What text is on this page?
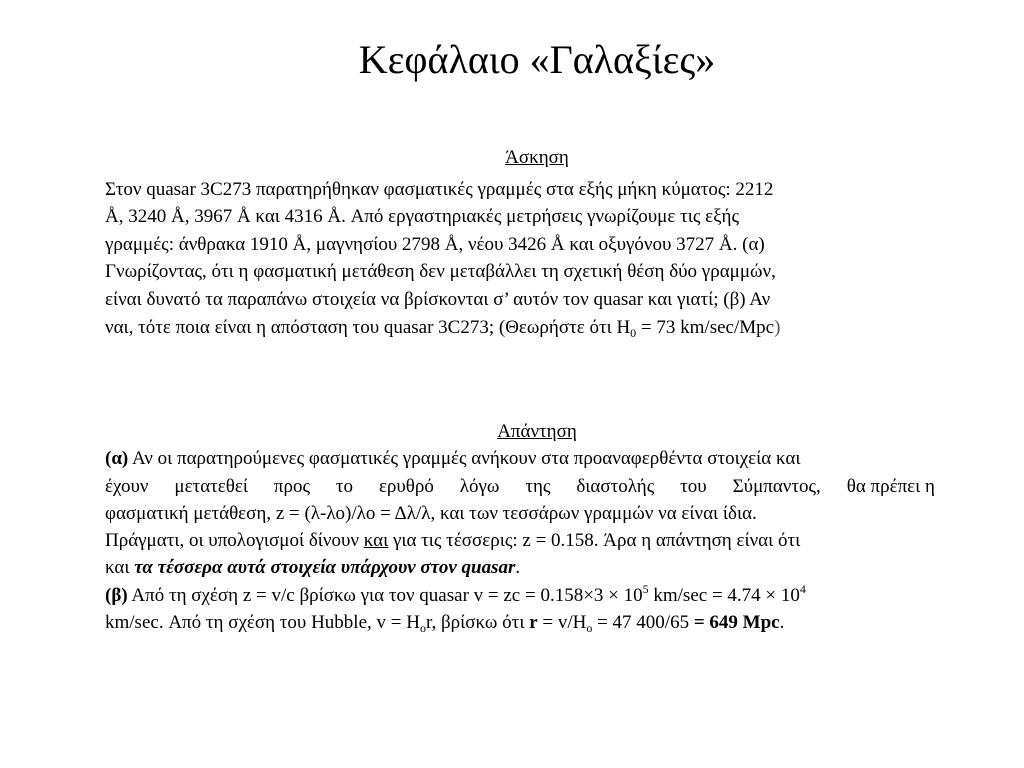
Κεφάλαιο «Γαλαξίες»
Άσκηση
Στον quasar 3C273 παρατηρήθηκαν φασματικές γραμμές στα εξής μήκη κύματος: 2212
Å, 3240 Å, 3967 Å και 4316 Å. Από εργαστηριακές μετρήσεις γνωρίζουμε τις εξής
γραμμές: άνθρακα 1910 Å, μαγνησίου 2798 Å, νέου 3426 Å και οξυγόνου 3727 Å. (α)
Γνωρίζοντας, ότι η φασματική μετάθεση δεν μεταβάλλει τη σχετική θέση δύο γραμμών,
είναι δυνατό τα παραπάνω στοιχεία να βρίσκονται σ’ αυτόν τον quasar και γιατί; (β) Αν
ναι, τότε ποια είναι η απόσταση του quasar 3C273; (Θεωρήστε ότι $H_0 = 73$ km/sec/Mpc)
Απάντηση
(α) Αν οι παρατηρούμενες φασματικές γραμμές ανήκουν στα προαναφερθέντα στοιχεία και
έχουν μετατεθεί προς το ερυθρό λόγω της διαστολής του Σύμπαντος, θα πρέπει η
φασματική μετάθεση, z = (λ-λο)/λο = Δλ/λ, και των τεσσάρων γραμμών να είναι ίδια.
Πράγματι, οι υπολογισμοί δίνουν και για τις τέσσερις: z = 0.158. Άρα η απάντηση είναι ότι
και τα τέσσερα αυτά στοιχεία υπάρχουν στον quasar.
(β) Από τη σχέση z = v/c βρίσκω για τον quasar v = zc = $0.158\times 3 \times 10^5$ $km/\sec = 4.74 \times 10^4$
km/sec. Από τη σχέση του Hubble, $v = H_or$, βρίσκω ότι $r = v/H_o = 47$ 400/65 = 649 Mpc.
